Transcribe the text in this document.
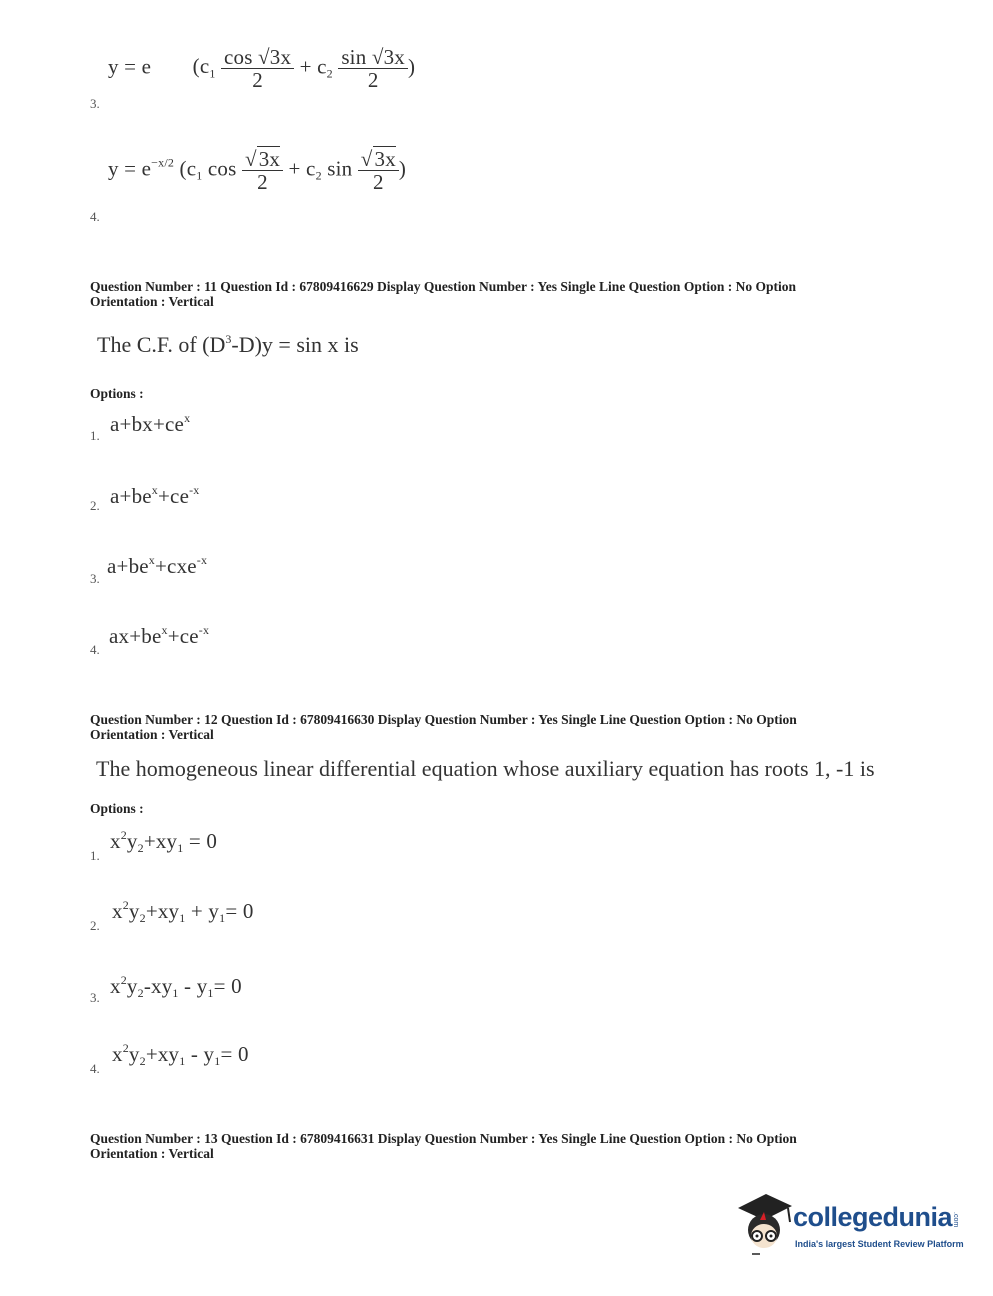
y = e ($c_1 \frac{\cos √3x}{2} + c_2 \frac{\sin √3x}{2}$ )
3.
$y = e^{-x/2}$ ($c_1$ $\cos \frac{√3x}{2} + c_2$ $\sin \frac{√3x}{2}$ )
4.
Question Number : 11 Question Id : 67809416629 Display Question Number : Yes Single Line Question Option : No Option
Orientation : Vertical
The C.F. of $(D^3-D)y = \sin x$ is
Options :
1. $a+bx+ce^x$
2. $a+be^x+ce^{-x}$
3.
$a+be^x+cxe^{-x}$
4.
$ax+be^x+ce^{-x}$
Question Number : 12 Question Id : 67809416630 Display Question Number : Yes Single Line Question Option : No Option
Orientation : Vertical
The homogeneous linear differential equation whose auxiliary equation has roots 1, -1 is
Options :
1.
$x^2y_2+xy_1 = 0$
2.
$x^2y_2+xy_1 + y_1= 0$
3. $x^2y_2-xy_1 - y_1= 0$
4.
$x^2y_2+xy_1 - y_1= 0$
Question Number : 13 Question Id : 67809416631 Display Question Number : Yes Single Line Question Option : No Option
Orientation : Vertical
collegedunia .com
India's largest Student Review Platform
